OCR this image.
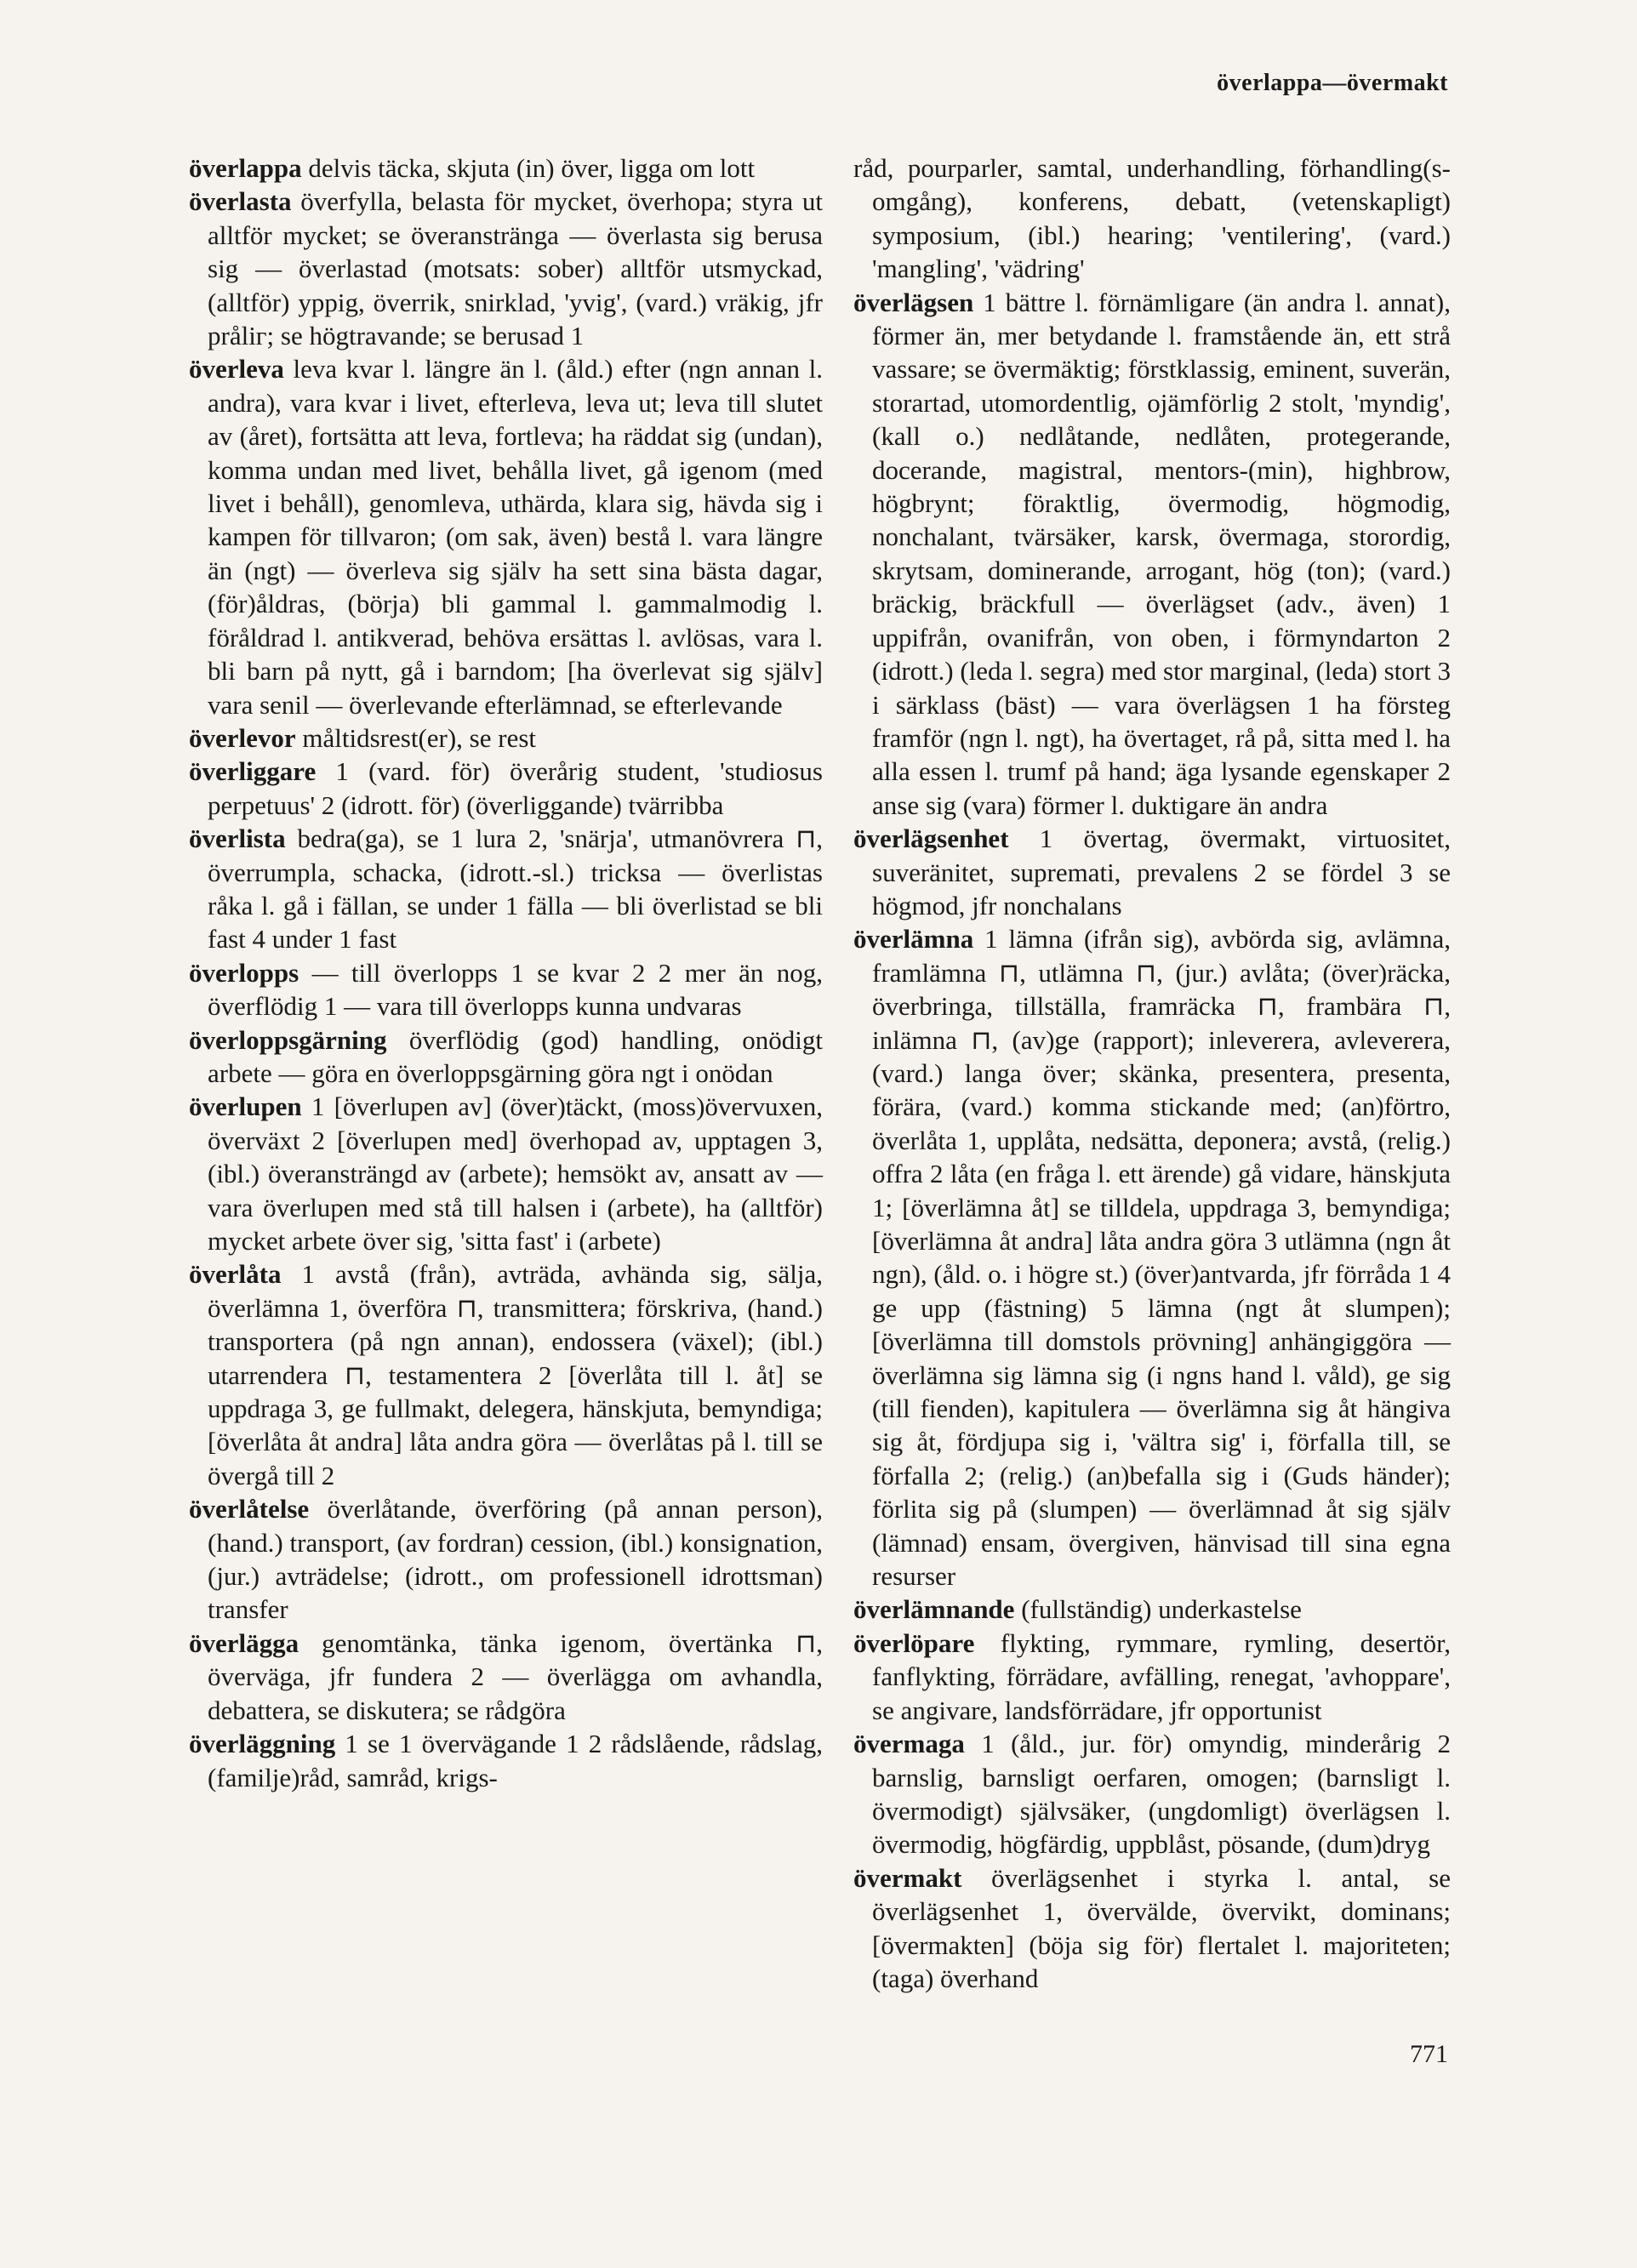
överlappa—övermakt

överlappa delvis täcka, skjuta (in) över, ligga om lott

överlasta överfylla, belasta för mycket, överhopa; styra ut alltför mycket; se överansträngа — överlasta sig berusa sig — överlastad (motsats: sober) alltför utsmyckad, (alltför) yppig, överrik, snirklad, 'yvig', (vard.) vräkig, jfr pråliг; se högtravande; se berusad 1

överleva leva kvar l. längre än l. (åld.) efter (ngn annan l. andra), vara kvar i livet, efterleva, leva ut; leva till slutet av (året), fortsätta att leva, fortleva; ha räddat sig (undan), komma undan med livet, behålla livet, gå igenom (med livet i behåll), genomleva, uthärda, klara sig, hävda sig i kampen för tillvaron; (om sak, även) bestå l. vara längre än (ngt) — överleva sig själv ha sett sina bästa dagar, (för)åldras, (börja) bli gammal l. gammalmodig l. föråldrad l. antikverad, behöva ersättas l. avlösas, vara l. bli barn på nytt, gå i barndom; [ha överlevat sig själv] vara senil — överlevande efterlämnad, se efterlevande

överlevor måltidsrest(er), se rest

överliggare 1 (vard. för) överårig student, 'studiosus perpetuus' 2 (idrott. för) (överliggande) tvärribba

överlista bedra(ga), se 1 lura 2, 'snärja', utmanövrera ⊓, överrumpla, schacka, (idrott.-sl.) tricksa — överlistas råka l. gå i fällan, se under 1 fälla — bli överlistad se bli fast 4 under 1 fast

överlopps — till överlopps 1 se kvar 2 2 mer än nog, överflödig 1 — vara till överlopps kunna undvaras

överloppsgärning överflödig (god) handling, onödigt arbete — göra en överloppsgärning göra ngt i onödan

överlupen 1 [överlupen av] (över)täckt, (moss)övervuxen, överväxt 2 [överlupen med] överhopad av, upptagen 3, (ibl.) överansträngd av (arbete); hemsökt av, ansatt av — vara överlupen med stå till halsen i (arbete), ha (alltför) mycket arbete över sig, 'sitta fast' i (arbete)

överlåta 1 avstå (från), avträda, avhända sig, sälja, överlämna 1, överföra ⊓, transmittera; förskriva, (hand.) transportera (på ngn annan), endossera (växel); (ibl.) utarrendera ⊓, testamentera 2 [överlåta till l. åt] se uppdraga 3, ge fullmakt, delegera, hänskjuta, bemyndiga; [överlåta åt andra] låta andra göra — överlåtas på l. till se övergå till 2

överlåtelse överlåtande, överföring (på annan person), (hand.) transport, (av fordran) cession, (ibl.) konsignation, (jur.) avträdelse; (idrott., om professionell idrottsman) transfer

överlägga genomtänka, tänka igenom, övertänka ⊓, överväga, jfr fundera 2 — överlägga om avhandla, debattera, se diskutera; se rådgöra

överläggning 1 se 1 övervägande 1 2 rådslående, rådslag, (familje)råd, samråd, krigs-

råd, pourparler, samtal, underhandling, förhandling(s-omgång), konferens, debatt, (vetenskapligt) symposium, (ibl.) hearing; 'ventilering', (vard.) 'mangling', 'vädring'

överlägsen 1 bättre l. förnämligare (än andra l. annat), förmer än, mer betydande l. framstående än, ett strå vassare; se övermäktig; förstklassig, eminent, suverän, storartad, utomordentlig, ojämförlig 2 stolt, 'myndig', (kall o.) nedlåtande, nedlåten, protegerande, docerande, magistral, mentors-(min), highbrow, högbrynt; föraktlig, övermodig, högmodig, nonchalant, tvärsäker, karsk, övermaga, storordig, skrytsam, dominerande, arrogant, hög (ton); (vard.) bräckig, bräckfull — överlägset (adv., även) 1 uppifrån, ovanifrån, von oben, i förmyndarton 2 (idrott.) (leda l. segra) med stor marginal, (leda) stort 3 i särklass (bäst) — vara överlägsen 1 ha försteg framför (ngn l. ngt), ha övertaget, rå på, sitta med l. ha alla essen l. trumf på hand; äga lysande egenskaper 2 anse sig (vara) förmer l. duktigare än andra

överlägsenhet 1 övertag, övermakt, virtuositet, suveränitet, suprematі, prevalens 2 se fördel 3 se högmod, jfr nonchalans

överlämna 1 lämna (ifrån sig), avbörda sig, avlämna, framlämna ⊓, utlämna ⊓, (jur.) avlåta; (över)räcka, överbringa, tillställa, framräcka ⊓, frambära ⊓, inlämna ⊓, (av)ge (rapport); inleverera, avleverera, (vard.) langa över; skänka, presentera, presenta, förära, (vard.) komma stickande med; (an)förtro, överlåta 1, upplåta, nedsätta, deponera; avstå, (relig.) offra 2 låta (en fråga l. ett ärende) gå vidare, hänskjuta 1; [överlämna åt] se tilldela, uppdraga 3, bemyndiga; [överlämna åt andra] låta andra göra 3 utlämna (ngn åt ngn), (åld. o. i högre st.) (över)antvarda, jfr förråda 1 4 ge upp (fästning) 5 lämna (ngt åt slumpen); [överlämna till domstols prövning] anhängiggöra — överlämna sig lämna sig (i ngns hand l. våld), ge sig (till fienden), kapitulera — överlämna sig åt hängiva sig åt, fördjupa sig i, 'vältra sig' i, förfalla till, se förfalla 2; (relig.) (an)befalla sig i (Guds händer); förlita sig på (slumpen) — överlämnad åt sig själv (lämnad) ensam, övergiven, hänvisad till sina egna resurser

överlämnande (fullständig) underkastelse

överlöpare flykting, rymmare, rymling, desertör, fanflykting, förrädare, avfälling, renegat, 'avhoppare', se angivare, landsförrädare, jfr opportunist

övermaga 1 (åld., jur. för) omyndig, minderårig 2 barnslig, barnsligt oerfaren, omogen; (barnsligt l. övermodigt) självsäker, (ungdomligt) överlägsen l. övermodig, högfärdig, uppblåst, pösande, (dum)dryg

övermakt överlägsenhet i styrka l. antal, se överlägsenhet 1, övervälde, övervikt, dominans; [övermakten] (böja sig för) flertalet l. majoriteten; (taga) överhand

771
